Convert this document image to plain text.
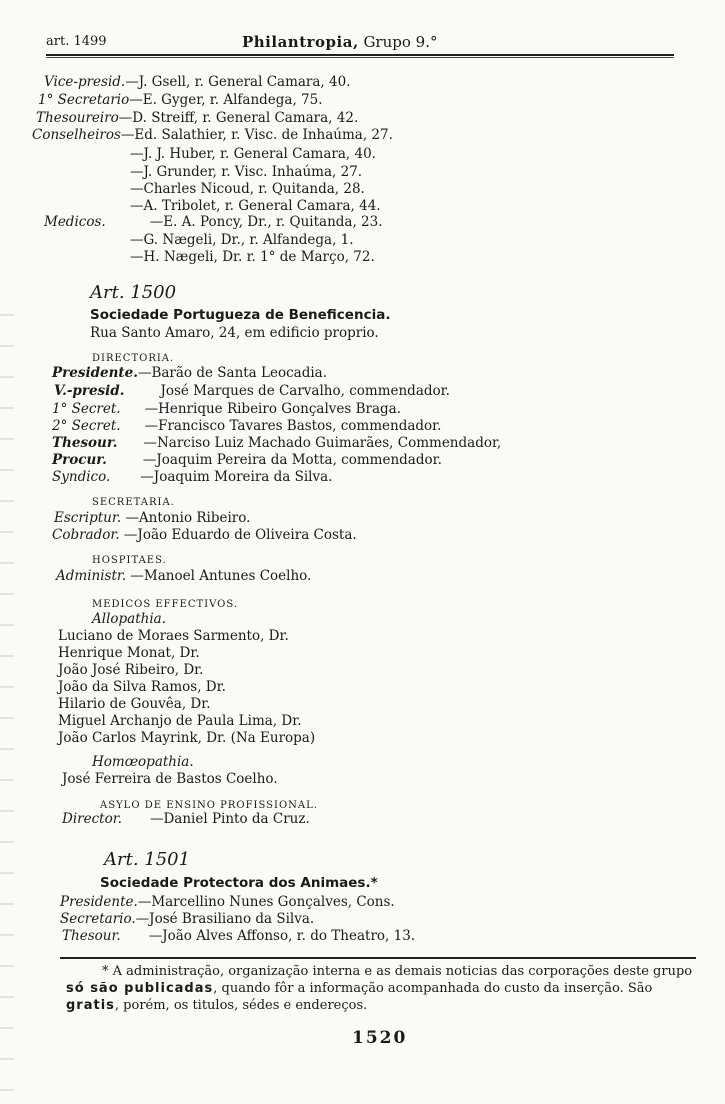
art. 1499	Philantropia, Grupo 9.°
Vice-presid.—J. Gsell, r. General Camara, 40.
1° Secretario—E. Gyger, r. Alfandega, 75.
Thesoureiro—D. Streiff, r. General Camara, 42.
Conselheiros—Ed. Salathier, r. Visc. de Inhaúma, 27.
—J. J. Huber, r. General Camara, 40.
—J. Grunder, r. Visc. Inhaúma, 27.
—Charles Nicoud, r. Quitanda, 28.
—A. Tribolet, r. General Camara, 44.
Medicos.	—E. A. Poncy, Dr., r. Quitanda, 23.
—G. Nægeli, Dr., r. Alfandega, 1.
—H. Nægeli, Dr. r. 1° de Março, 72.
Art. 1500
Sociedade Portugueza de Beneficencia.
Rua Santo Amaro, 24, em edificio proprio.
DIRECTORIA.
Presidente.—Barão de Santa Leocadia.
V.-presid.	José Marques de Carvalho, commendador.
1° Secret. —Henrique Ribeiro Gonçalves Braga.
2° Secret. —Francisco Tavares Bastos, commendador.
Thesour. —Narciso Luiz Machado Guimarães, Commendador,
Procur.	—Joaquim Pereira da Motta, commendador.
Syndico. —Joaquim Moreira da Silva.
SECRETARIA.
Escriptur. —Antonio Ribeiro.
Cobrador. —João Eduardo de Oliveira Costa.
HOSPITAES.
Administr. —Manoel Antunes Coelho.
MEDICOS EFFECTIVOS.
Allopathia.
Luciano de Moraes Sarmento, Dr.
Henrique Monat, Dr.
João José Ribeiro, Dr.
João da Silva Ramos, Dr.
Hilario de Gouvêa, Dr.
Miguel Archanjo de Paula Lima, Dr.
João Carlos Mayrink, Dr. (Na Europa)
Homœopathia.
José Ferreira de Bastos Coelho.
ASYLO DE ENSINO PROFISSIONAL.
Director. —Daniel Pinto da Cruz.
Art. 1501
Sociedade Protectora dos Animaes.*
Presidente.—Marcellino Nunes Gonçalves, Cons.
Secretario.—José Brasiliano da Silva.
Thesour. —João Alves Affonso, r. do Theatro, 13.
* A administração, organização interna e as demais noticias das corporações deste grupo só são publicadas, quando fôr a informação acompanhada do custo da inserção. São gratis, porém, os titulos, sédes e endereços.
1520
